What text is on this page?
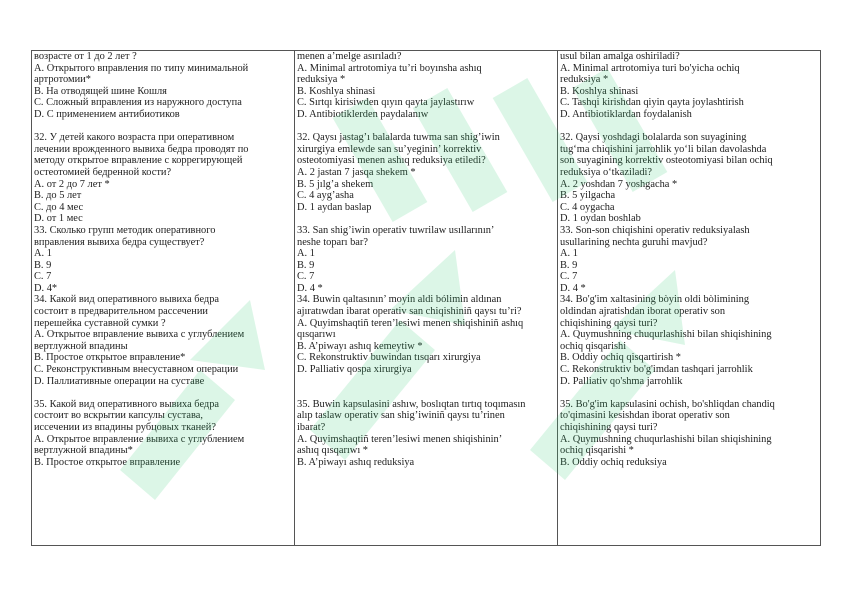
возрасте от 1 до 2 лет ?
А. Открытого вправления по типу минимальной
артротомии*
В. На отводящей шине Кошля
С. Сложный вправления из наружного доступа
D. С применением антибиотиков
32. У детей какого возраста при оперативном
лечении врожденного вывиха бедра проводят по
методу открытое вправление с коррегирующей
остеотомией бедренной кости?
А. от 2 до 7 лет *
В. до 5 лет
С. до 4 мес
D. от 1 мес
33. Сколько групп методик оперативного
вправления вывиха бедра существует?
А. 1
В. 9
С. 7
D. 4*
34. Какой вид оперативного вывиха бедра
состоит в предварительном рассечении
перешейка суставной сумки ?
А. Открытое вправление вывиха с углублением
вертлужной впадины
В. Простое открытое вправление*
С. Реконструктивным внесуставном операции
D. Паллиативные операции на суставе
35. Какой вид оперативного вывиха бедра
состоит во вскрытии капсулы сустава,
иссечении из впадины рубцовых тканей?
А. Открытое вправление вывиха с углублением
вертлужной впадины*
В. Простое открытое вправление

menen a’melge asırıladı?
A. Minimal artrotomiya tu’ri boyınsha ashıq
reduksiya *
B. Koshlya shinasi
C. Sırtqı kirisiwden qıyın qayta jaylastırıw
D. Antibiotiklerden paydalanıw
32. Qaysı jastag’ı balalarda tuwma san shig’iwin
xirurgiya emlewde san su’yeginin’ korrektiv
osteotomiyasi menen ashıq reduksiya etiledi?
A. 2 jastan 7 jasqa shekem *
B. 5 jılg’a shekem
C. 4 ayg’asha
D. 1 aydan baslap
33. San shig’iwin operativ tuwrilaw usıllarının’
neshe toparı bar?
A. 1
B. 9
C. 7
D. 4 *
34. Buwin qaltasının’ moyin aldi bólimin aldınan
ajıratıwdan ibarat operativ san chiqishiniñ qaysı tu’ri?
A. Quyimshaqtiñ teren’lesiwi menen shiqishiniñ ashıq
qısqarıwı
B. A’piwayı ashıq kemeytiw *
C. Rekonstruktiv buwindan tısqarı xirurgiya
D. Palliativ qospa xirurgiya
35. Buwin kapsulasini ashıw, boslıqtan tırtıq toqımasın
alıp taslaw operativ san shig’iwiniñ qaysı tu’rinen
ibarat?
A. Quyimshaqtiñ teren’lesiwi menen shiqishinin’
ashıq qısqarıwı *
B. A’piwayı ashıq reduksiya

usul bilan amalga oshiriladi?
A. Minimal artrotomiya turi bo'yicha ochiq
reduksiya *
B. Koshlya shinasi
C. Tashqi kirishdan qiyin qayta joylashtirish
D. Antibiotiklardan foydalanish
32. Qaysi yoshdagi bolalarda son suyagining
tug‘ma chiqishini jarrohlik yo‘li bilan davolashda
son suyagining korrektiv osteotomiyasi bilan ochiq
reduksiya o‘tkaziladi?
A. 2 yoshdan 7 yoshgacha *
B. 5 yilgacha
C. 4 oygacha
D. 1 oydan boshlab
33. Son-son chiqishini operativ reduksiyalash
usullarining nechta guruhi mavjud?
A. 1
B. 9
C. 7
D. 4 *
34. Bo'g'im xaltasining bòyin oldi bòlimining
oldindan ajratishdan iborat operativ son
chiqishining qaysi turi?
A. Quymushning chuqurlashishi bilan shiqishining
ochiq qisqarishi
B. Oddiy ochiq qisqartirish *
C. Rekonstruktiv bo'g'imdan tashqari jarrohlik
D. Palliativ qo'shma jarrohlik
35. Bo'g'im kapsulasini ochish, bo'shliqdan chandiq
to'qimasini kesishdan iborat operativ son
chiqishining qaysi turi?
A. Quymushning chuqurlashishi bilan shiqishining
ochiq qisqarishi *
B. Oddiy ochiq reduksiya
